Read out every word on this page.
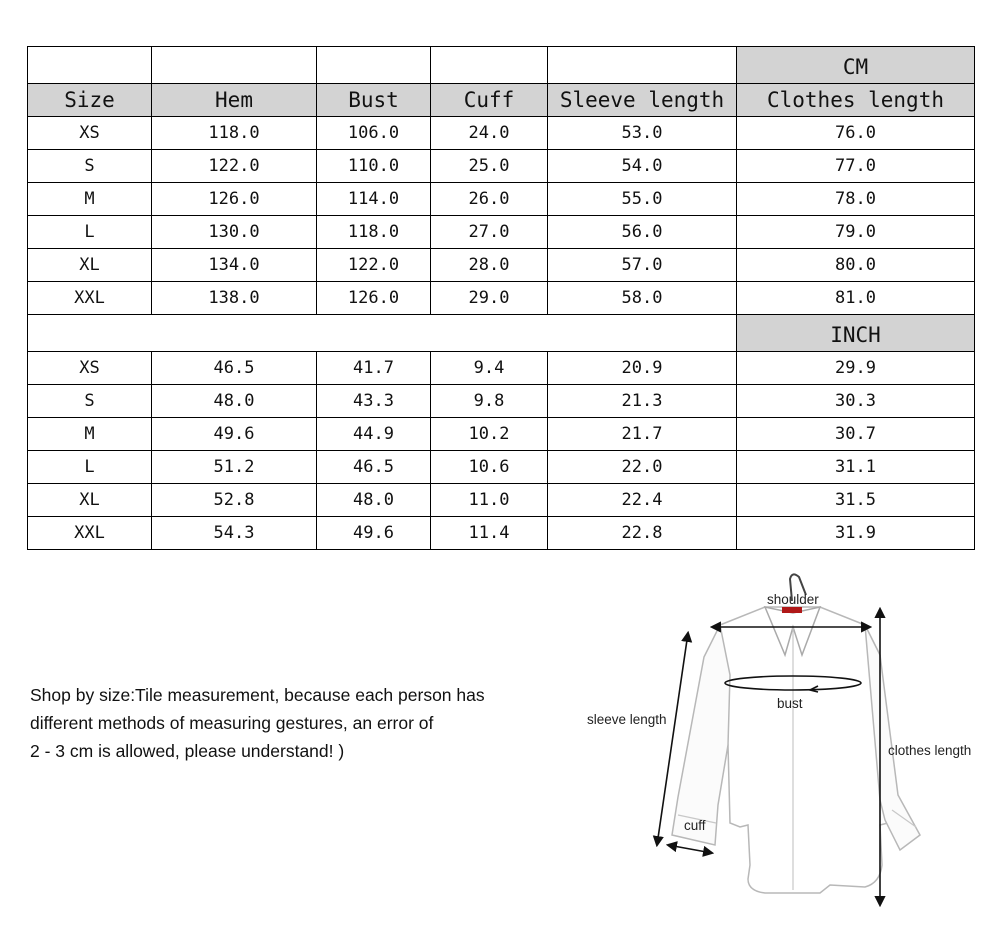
					CM
Size	Hem	Bust	Cuff	Sleeve length	Clothes length
XS	118.0	106.0	24.0	53.0	76.0
S	122.0	110.0	25.0	54.0	77.0
M	126.0	114.0	26.0	55.0	78.0
L	130.0	118.0	27.0	56.0	79.0
XL	134.0	122.0	28.0	57.0	80.0
XXL	138.0	126.0	29.0	58.0	81.0
					INCH
XS	46.5	41.7	9.4	20.9	29.9
S	48.0	43.3	9.8	21.3	30.3
M	49.6	44.9	10.2	21.7	30.7
L	51.2	46.5	10.6	22.0	31.1
XL	52.8	48.0	11.0	22.4	31.5
XXL	54.3	49.6	11.4	22.8	31.9
Shop by size:Tile measurement, because each person has
different methods of measuring gestures, an error of
2 - 3 cm is allowed, please understand! )
shoulder
bust
sleeve length
clothes length
cuff
